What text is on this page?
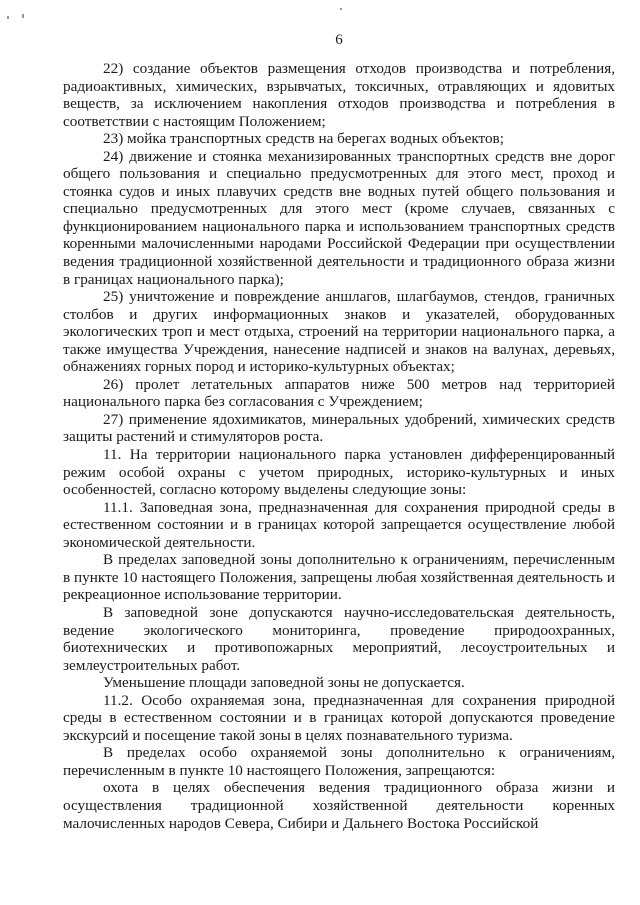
6

22) создание объектов размещения отходов производства и потребления, радиоактивных, химических, взрывчатых, токсичных, отравляющих и ядовитых веществ, за исключением накопления отходов производства и потребления в соответствии с настоящим Положением;

23) мойка транспортных средств на берегах водных объектов;

24) движение и стоянка механизированных транспортных средств вне дорог общего пользования и специально предусмотренных для этого мест, проход и стоянка судов и иных плавучих средств вне водных путей общего пользования и специально предусмотренных для этого мест (кроме случаев, связанных с функционированием национального парка и использованием транспортных средств коренными малочисленными народами Российской Федерации при осуществлении ведения традиционной хозяйственной деятельности и традиционного образа жизни в границах национального парка);

25) уничтожение и повреждение аншлагов, шлагбаумов, стендов, граничных столбов и других информационных знаков и указателей, оборудованных экологических троп и мест отдыха, строений на территории национального парка, а также имущества Учреждения, нанесение надписей и знаков на валунах, деревьях, обнажениях горных пород и историко-культурных объектах;

26) пролет летательных аппаратов ниже 500 метров над территорией национального парка без согласования с Учреждением;

27) применение ядохимикатов, минеральных удобрений, химических средств защиты растений и стимуляторов роста.

11. На территории национального парка установлен дифференцированный режим особой охраны с учетом природных, историко-культурных и иных особенностей, согласно которому выделены следующие зоны:

11.1. Заповедная зона, предназначенная для сохранения природной среды в естественном состоянии и в границах которой запрещается осуществление любой экономической деятельности.

В пределах заповедной зоны дополнительно к ограничениям, перечисленным в пункте 10 настоящего Положения, запрещены любая хозяйственная деятельность и рекреационное использование территории.

В заповедной зоне допускаются научно-исследовательская деятельность, ведение экологического мониторинга, проведение природоохранных, биотехнических и противопожарных мероприятий, лесоустроительных и землеустроительных работ.

Уменьшение площади заповедной зоны не допускается.

11.2. Особо охраняемая зона, предназначенная для сохранения природной среды в естественном состоянии и в границах которой допускаются проведение экскурсий и посещение такой зоны в целях познавательного туризма.

В пределах особо охраняемой зоны дополнительно к ограничениям, перечисленным в пункте 10 настоящего Положения, запрещаются:

охота в целях обеспечения ведения традиционного образа жизни и осуществления традиционной хозяйственной деятельности коренных малочисленных народов Севера, Сибири и Дальнего Востока Российской
